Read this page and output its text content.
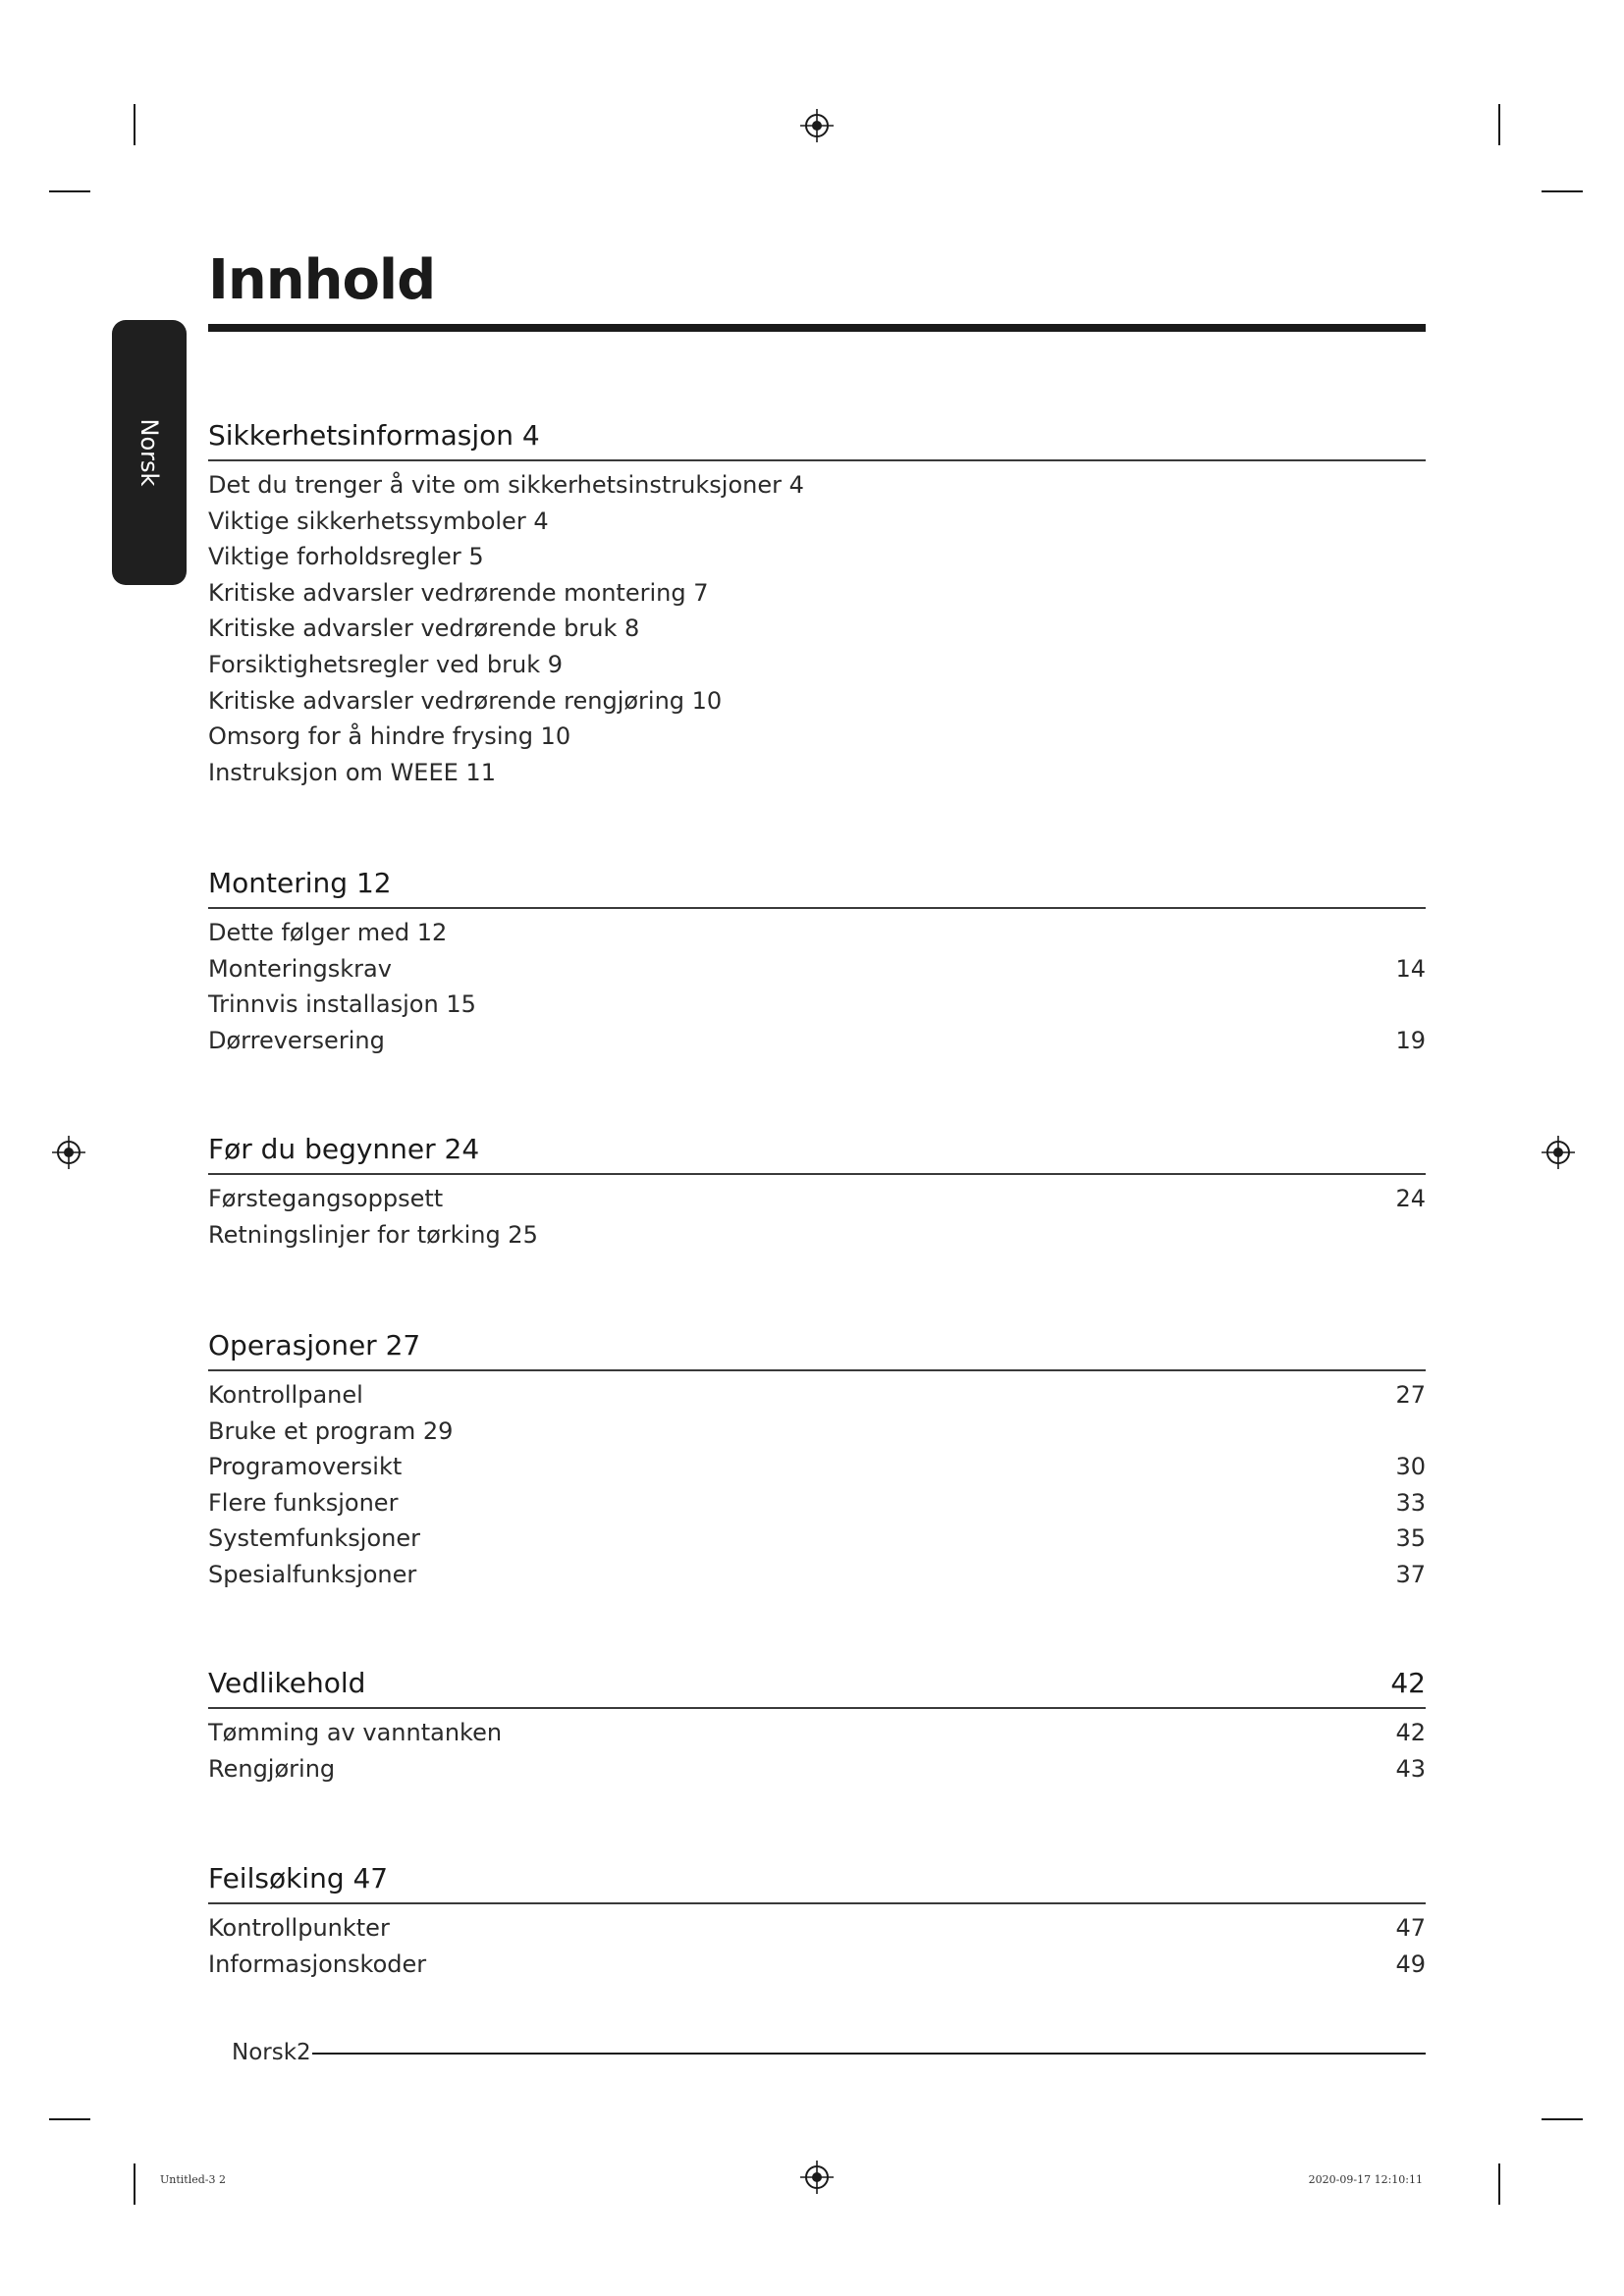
Norsk
Innhold
Sikkerhetsinformasjon 4
Det du trenger å vite om sikkerhetsinstruksjoner 4
Viktige sikkerhetssymboler 4
Viktige forholdsregler 5
Kritiske advarsler vedrørende montering 7
Kritiske advarsler vedrørende bruk 8
Forsiktighetsregler ved bruk 9
Kritiske advarsler vedrørende rengjøring 10
Omsorg for å hindre frysing 10
Instruksjon om WEEE 11
Montering 12
Dette følger med 12
Monteringskrav	14
Trinnvis installasjon 15
Dørreversering	19
Før du begynner 24
Førstegangsoppsett	24
Retningslinjer for tørking 25
Operasjoner 27
Kontrollpanel	27
Bruke et program 29
Programoversikt	30
Flere funksjoner	33
Systemfunksjoner	35
Spesialfunksjoner	37
Vedlikehold	42
Tømming av vanntanken	42
Rengjøring	43
Feilsøking 47
Kontrollpunkter	47
Informasjonskoder	49
Norsk2
Untitled-3 2	2020-09-17 12:10:11
